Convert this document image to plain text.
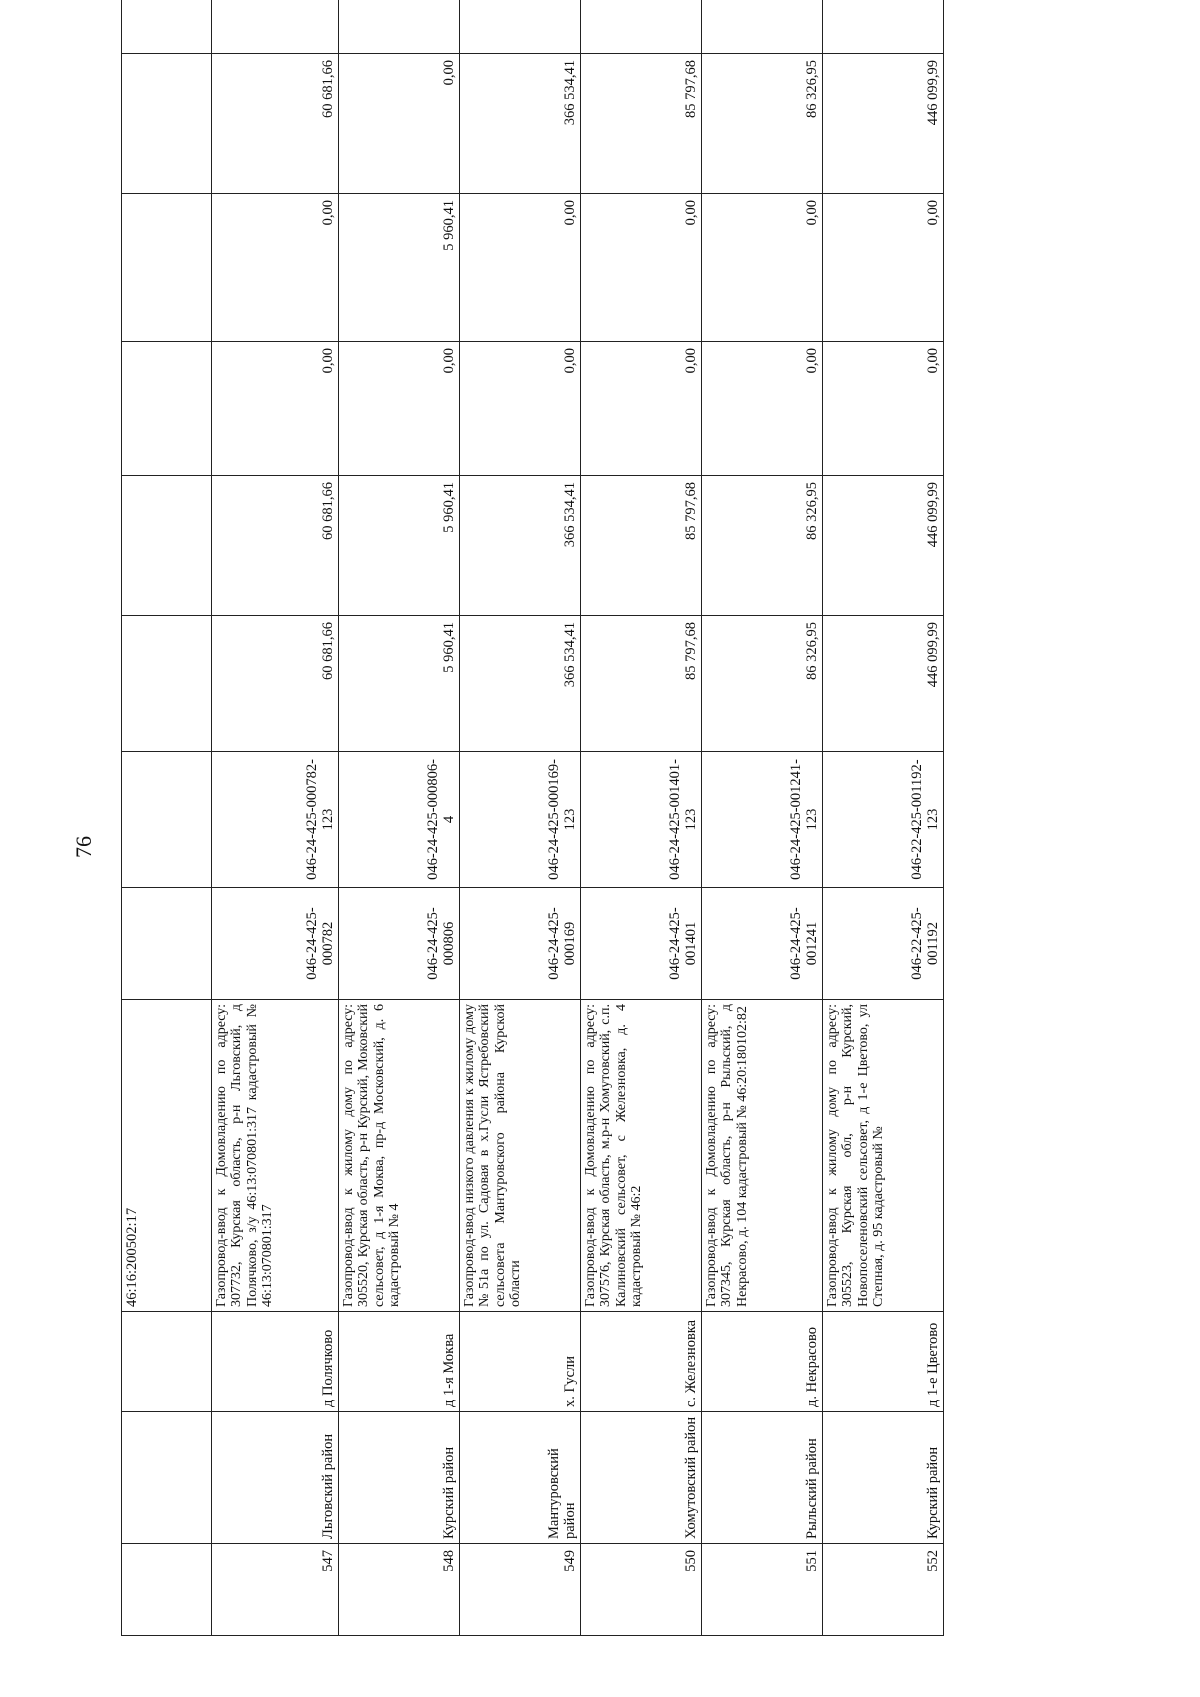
76
			46:16:200502:17								
547	Льговский район	д Полячково	Газопровод-ввод к Домовладению по адресу: 307732, Курская область, р-н Льговский, д Полячково, з/у 46:13:070801:317 кадастровый № 46:13:070801:317	046-24-425-000782	046-24-425-000782-123	60 681,66	60 681,66	0,00	0,00	60 681,66	
548	Курский район	д 1-я Моква	Газопровод-ввод к жилому дому по адресу: 305520, Курская область, р-н Курский, Моковский сельсовет, д 1-я Моква, пр-д Московский, д. 6 кадастровый № 4	046-24-425-000806	046-24-425-000806-4	5 960,41	5 960,41	0,00	5 960,41	0,00	
549	Мантуровский район	х. Гусли	Газопровод-ввод низкого давления к жилому дому №51а по ул. Садовая в х.Гусли Ястребовский сельсовета Мантуровского района Курской области	046-24-425-000169	046-24-425-000169-123	366 534,41	366 534,41	0,00	0,00	366 534,41	
550	Хомутовский район	с. Железновка	Газопровод-ввод к Домовладению по адресу: 307576, Курская область, м.р-н Хомутовский, с.п. Калиновский сельсовет, с Железновка, д. 4 кадастровый № 46:2	046-24-425-001401	046-24-425-001401-123	85 797,68	85 797,68	0,00	0,00	85 797,68	
551	Рыльский район	д. Некрасово	Газопровод-ввод к Домовладению по адресу: 307345, Курская область, р-н Рыльский, д Некрасово, д. 104 кадастровый № 46:20:180102:82	046-24-425-001241	046-24-425-001241-123	86 326,95	86 326,95	0,00	0,00	86 326,95	
552	Курский район	д 1-е Цветово	Газопровод-ввод к жилому дому по адресу: 305523, Курская обл, р-н Курский, Новопоселеновский сельсовет, д 1-е Цветово, ул Степная, д. 95 кадастровый №	046-22-425-001192	046-22-425-001192-123	446 099,99	446 099,99	0,00	0,00	446 099,99	
